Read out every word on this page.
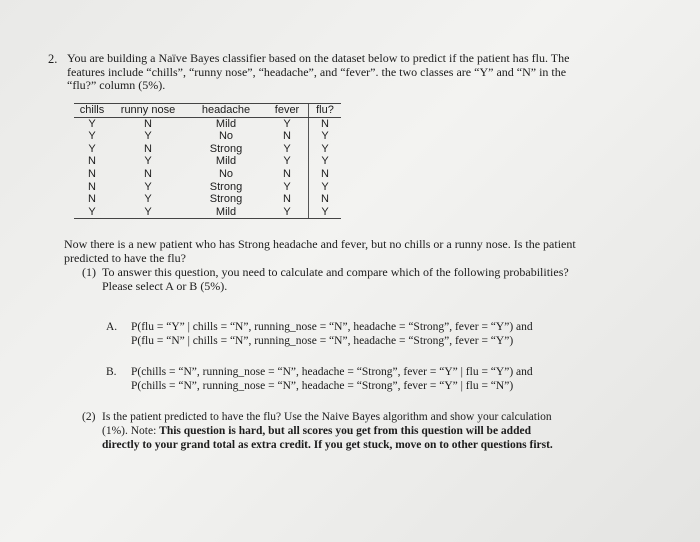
2. You are building a Naïve Bayes classifier based on the dataset below to predict if the patient has flu. The
features include “chills”, “runny nose”, “headache”, and “fever”. the two classes are “Y” and “N” in the
“flu?” column (5%).
chills	runny nose	headache	fever	flu?
Y	N	Mild	Y	N
Y	Y	No	N	Y
Y	N	Strong	Y	Y
N	Y	Mild	Y	Y
N	N	No	N	N
N	Y	Strong	Y	Y
N	Y	Strong	N	N
Y	Y	Mild	Y	Y
Now there is a new patient who has Strong headache and fever, but no chills or a runny nose. Is the patient
predicted to have the flu?
(1) To answer this question, you need to calculate and compare which of the following probabilities?
Please select A or B (5%).
A. P(flu = “Y” | chills = “N”, running_nose = “N”, headache = “Strong”, fever = “Y”) and
P(flu = “N” | chills = “N”, running_nose = “N”, headache = “Strong”, fever = “Y”)
B. P(chills = “N”, running_nose = “N”, headache = “Strong”, fever = “Y” | flu = “Y”) and
P(chills = “N”, running_nose = “N”, headache = “Strong”, fever = “Y” | flu = “N”)
(2) Is the patient predicted to have the flu? Use the Naive Bayes algorithm and show your calculation
(1%). Note: This question is hard, but all scores you get from this question will be added
directly to your grand total as extra credit. If you get stuck, move on to other questions first.
